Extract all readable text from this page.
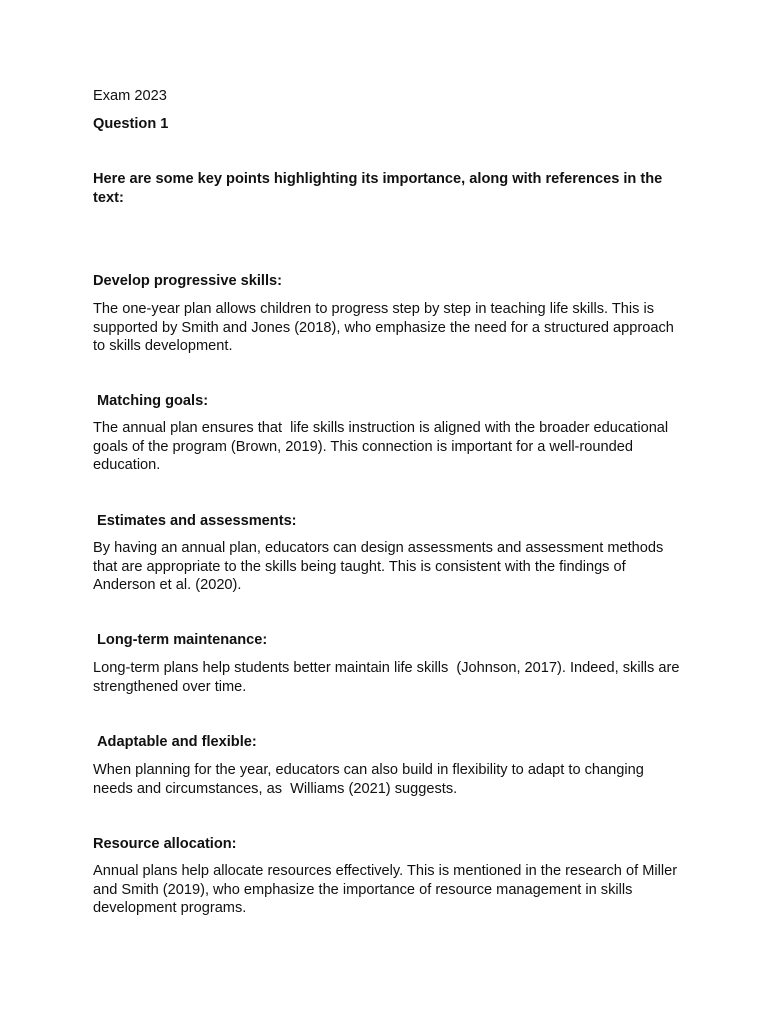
Exam 2023

Question 1

Here are some key points highlighting its importance, along with references in the text:

Develop progressive skills:

The one-year plan allows children to progress step by step in teaching life skills. This is supported by Smith and Jones (2018), who emphasize the need for a structured approach to skills development.

Matching goals:

The annual plan ensures that  life skills instruction is aligned with the broader educational goals of the program (Brown, 2019). This connection is important for a well-rounded education.

Estimates and assessments:

By having an annual plan, educators can design assessments and assessment methods that are appropriate to the skills being taught. This is consistent with the findings of Anderson et al. (2020).

Long-term maintenance:

Long-term plans help students better maintain life skills  (Johnson, 2017). Indeed, skills are strengthened over time.

Adaptable and flexible:

When planning for the year, educators can also build in flexibility to adapt to changing needs and circumstances, as  Williams (2021) suggests.

Resource allocation:

Annual plans help allocate resources effectively. This is mentioned in the research of Miller and Smith (2019), who emphasize the importance of resource management in skills development programs.
